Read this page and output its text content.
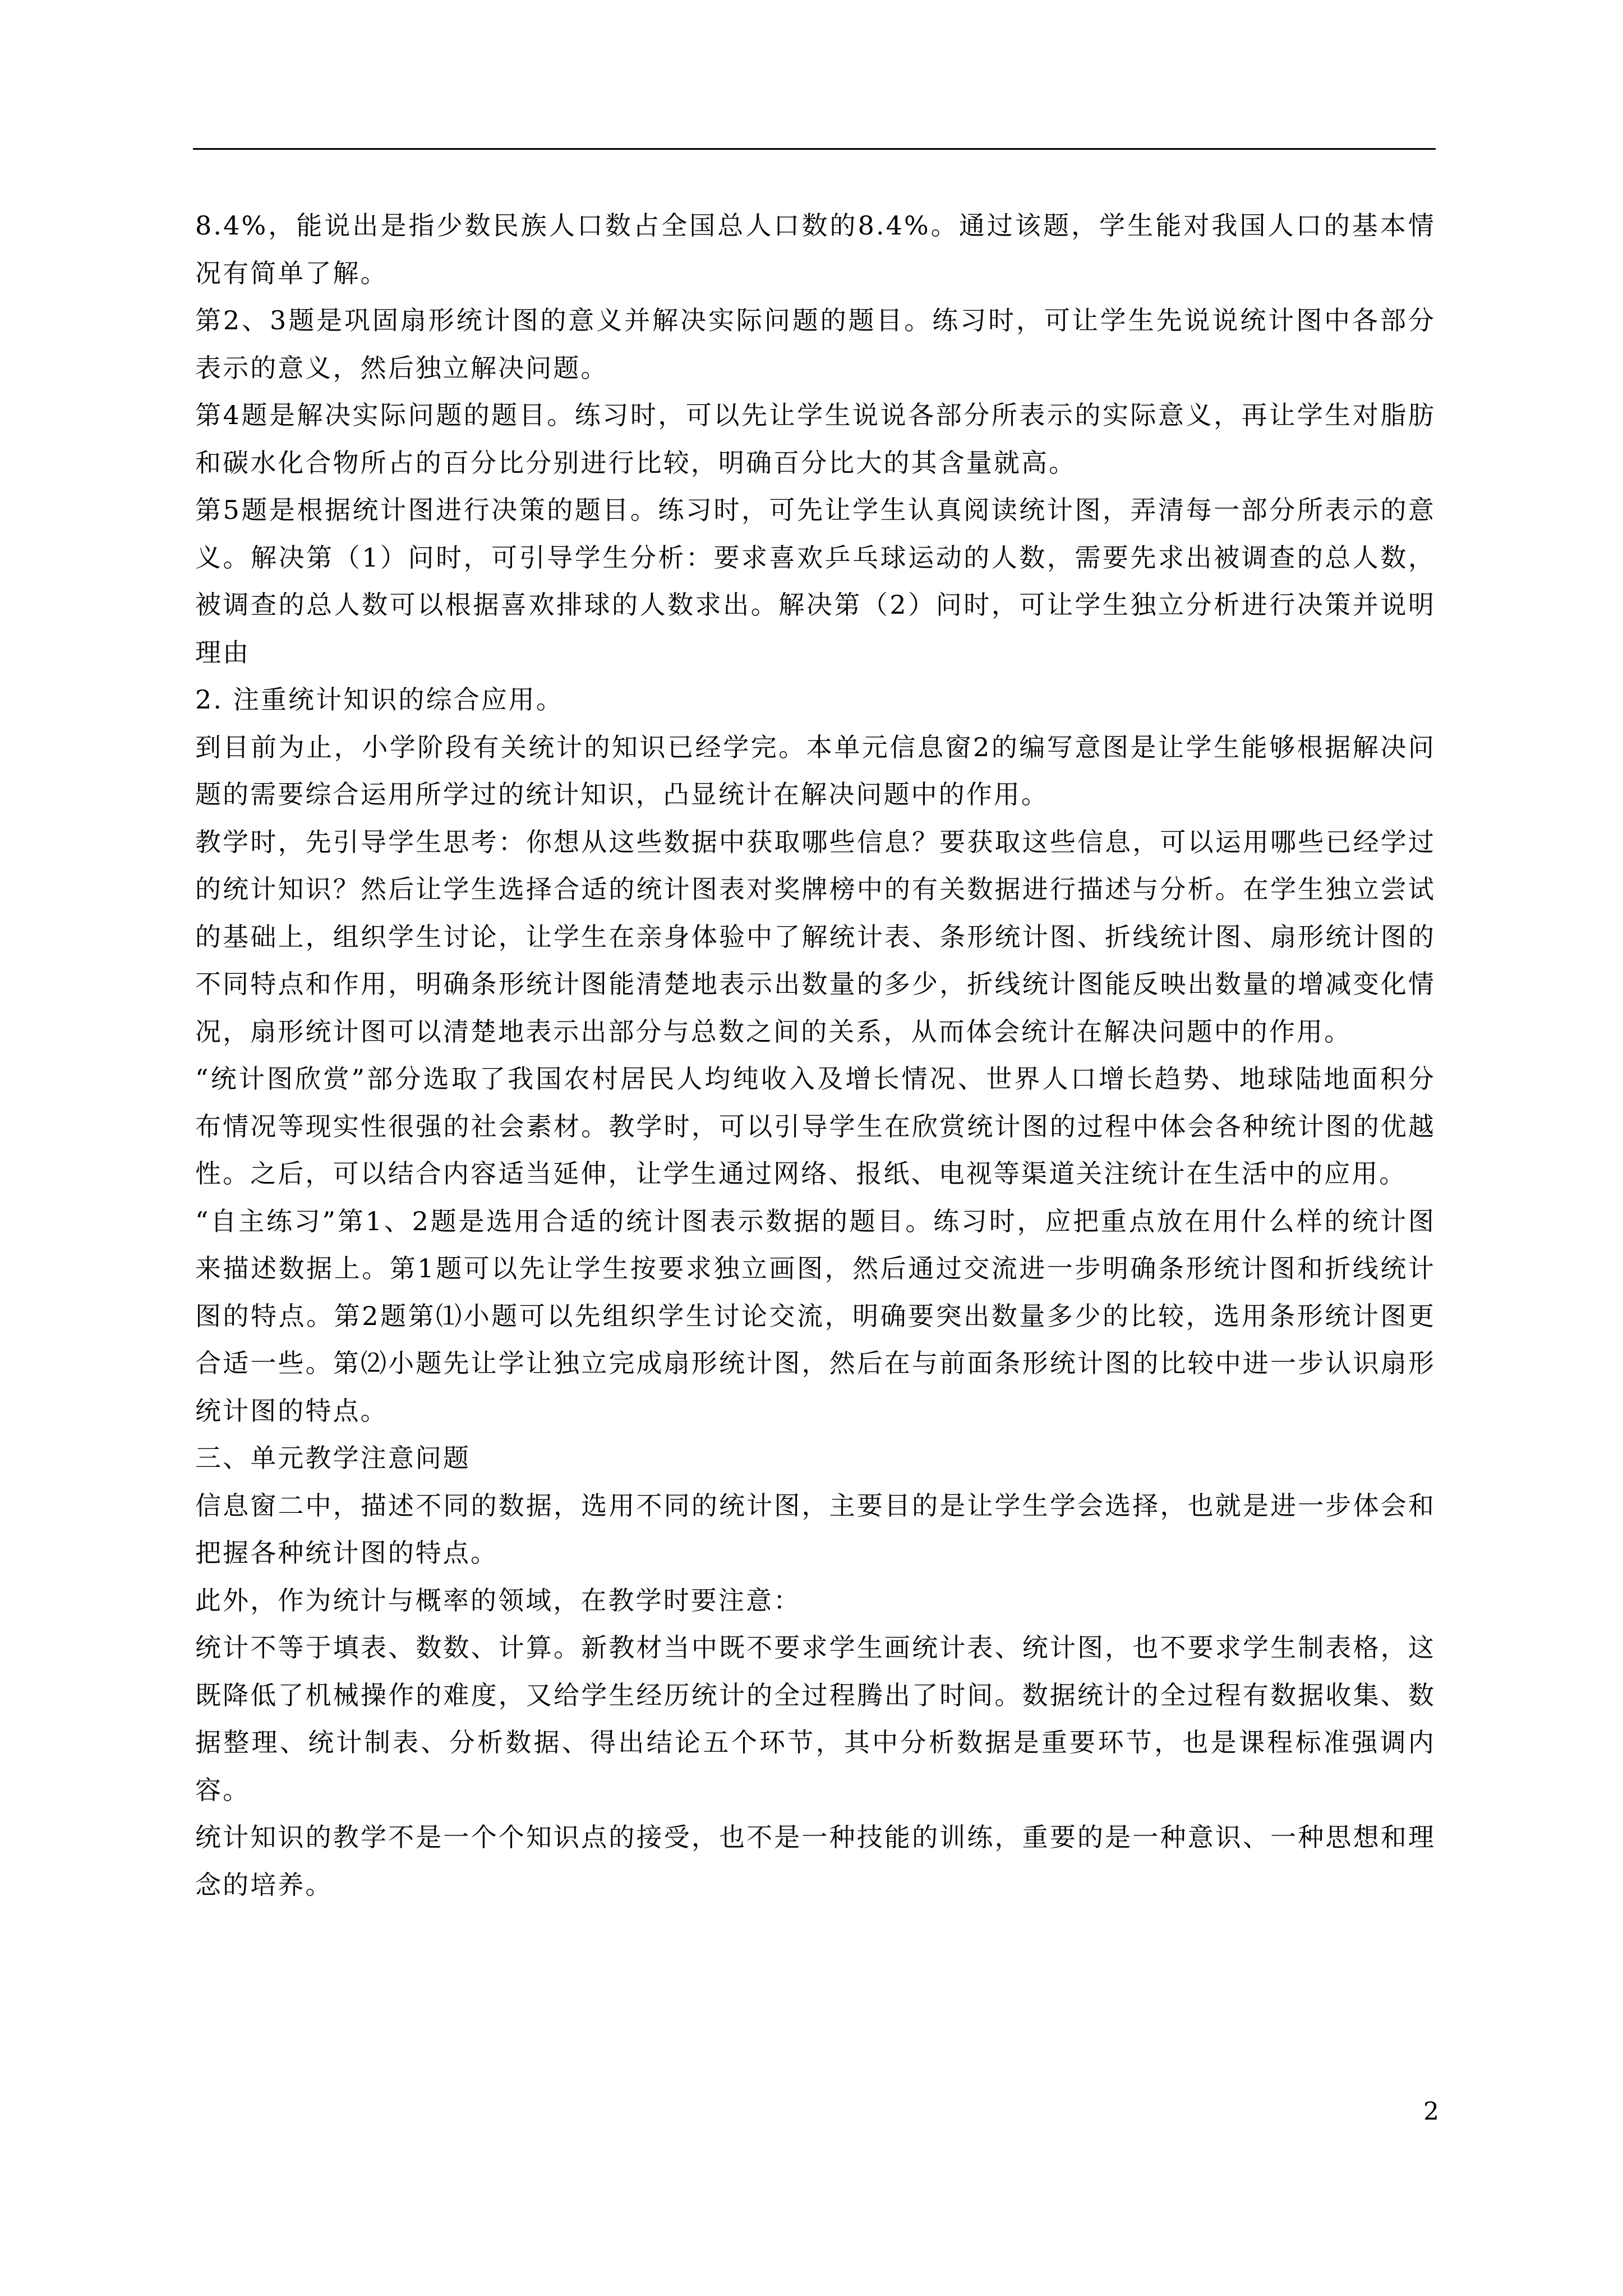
8.4%，能说出是指少数民族人口数占全国总人口数的8.4%。通过该题，学生能对我国人口的基本情况有简单了解。

第2、3题是巩固扇形统计图的意义并解决实际问题的题目。练习时，可让学生先说说统计图中各部分表示的意义，然后独立解决问题。

第4题是解决实际问题的题目。练习时，可以先让学生说说各部分所表示的实际意义，再让学生对脂肪和碳水化合物所占的百分比分别进行比较，明确百分比大的其含量就高。

第5题是根据统计图进行决策的题目。练习时，可先让学生认真阅读统计图，弄清每一部分所表示的意义。解决第（1）问时，可引导学生分析：要求喜欢乒乓球运动的人数，需要先求出被调查的总人数，被调查的总人数可以根据喜欢排球的人数求出。解决第（2）问时，可让学生独立分析进行决策并说明理由

2. 注重统计知识的综合应用。

到目前为止，小学阶段有关统计的知识已经学完。本单元信息窗2的编写意图是让学生能够根据解决问题的需要综合运用所学过的统计知识，凸显统计在解决问题中的作用。

教学时，先引导学生思考：你想从这些数据中获取哪些信息？要获取这些信息，可以运用哪些已经学过的统计知识？然后让学生选择合适的统计图表对奖牌榜中的有关数据进行描述与分析。在学生独立尝试的基础上，组织学生讨论，让学生在亲身体验中了解统计表、条形统计图、折线统计图、扇形统计图的不同特点和作用，明确条形统计图能清楚地表示出数量的多少，折线统计图能反映出数量的增减变化情况，扇形统计图可以清楚地表示出部分与总数之间的关系，从而体会统计在解决问题中的作用。

“统计图欣赏”部分选取了我国农村居民人均纯收入及增长情况、世界人口增长趋势、地球陆地面积分布情况等现实性很强的社会素材。教学时，可以引导学生在欣赏统计图的过程中体会各种统计图的优越性。之后，可以结合内容适当延伸，让学生通过网络、报纸、电视等渠道关注统计在生活中的应用。

“自主练习”第1、2题是选用合适的统计图表示数据的题目。练习时，应把重点放在用什么样的统计图来描述数据上。第1题可以先让学生按要求独立画图，然后通过交流进一步明确条形统计图和折线统计图的特点。第2题第⑴小题可以先组织学生讨论交流，明确要突出数量多少的比较，选用条形统计图更合适一些。第⑵小题先让学让独立完成扇形统计图，然后在与前面条形统计图的比较中进一步认识扇形统计图的特点。

三、单元教学注意问题

信息窗二中，描述不同的数据，选用不同的统计图，主要目的是让学生学会选择，也就是进一步体会和把握各种统计图的特点。

此外，作为统计与概率的领域，在教学时要注意：

统计不等于填表、数数、计算。新教材当中既不要求学生画统计表、统计图，也不要求学生制表格，这既降低了机械操作的难度，又给学生经历统计的全过程腾出了时间。数据统计的全过程有数据收集、数据整理、统计制表、分析数据、得出结论五个环节，其中分析数据是重要环节，也是课程标准强调内容。

统计知识的教学不是一个个知识点的接受，也不是一种技能的训练，重要的是一种意识、一种思想和理念的培养。

2
